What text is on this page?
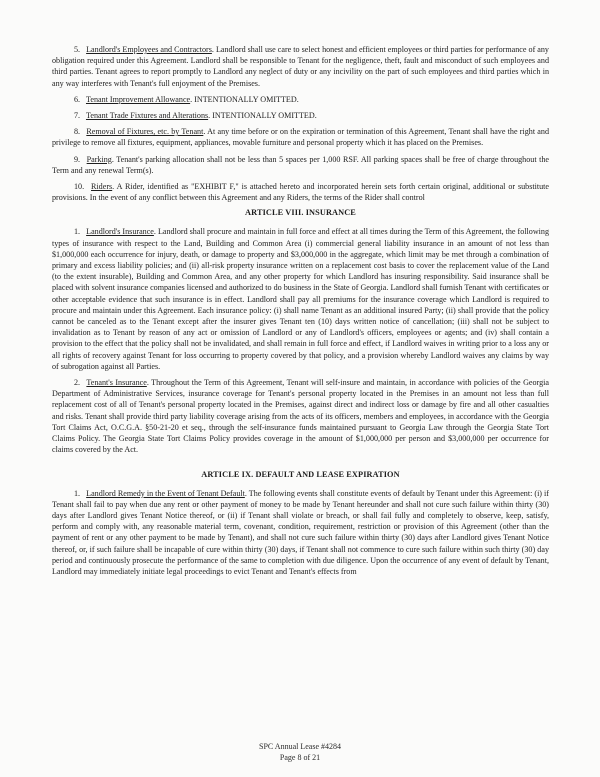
5. Landlord's Employees and Contractors. Landlord shall use care to select honest and efficient employees or third parties for performance of any obligation required under this Agreement. Landlord shall be responsible to Tenant for the negligence, theft, fault and misconduct of such employees and third parties. Tenant agrees to report promptly to Landlord any neglect of duty or any incivility on the part of such employees and third parties which in any way interferes with Tenant's full enjoyment of the Premises.

6. Tenant Improvement Allowance. INTENTIONALLY OMITTED.

7. Tenant Trade Fixtures and Alterations. INTENTIONALLY OMITTED.

8. Removal of Fixtures, etc. by Tenant. At any time before or on the expiration or termination of this Agreement, Tenant shall have the right and privilege to remove all fixtures, equipment, appliances, movable furniture and personal property which it has placed on the Premises.

9. Parking. Tenant's parking allocation shall not be less than 5 spaces per 1,000 RSF. All parking spaces shall be free of charge throughout the Term and any renewal Term(s).

10. Riders. A Rider, identified as "EXHIBIT F," is attached hereto and incorporated herein sets forth certain original, additional or substitute provisions. In the event of any conflict between this Agreement and any Riders, the terms of the Rider shall control

ARTICLE VIII. INSURANCE

1. Landlord's Insurance. Landlord shall procure and maintain in full force and effect at all times during the Term of this Agreement, the following types of insurance with respect to the Land, Building and Common Area (i) commercial general liability insurance in an amount of not less than $1,000,000 each occurrence for injury, death, or damage to property and $3,000,000 in the aggregate, which limit may be met through a combination of primary and excess liability policies; and (ii) all-risk property insurance written on a replacement cost basis to cover the replacement value of the Land (to the extent insurable), Building and Common Area, and any other property for which Landlord has insuring responsibility. Said insurance shall be placed with solvent insurance companies licensed and authorized to do business in the State of Georgia. Landlord shall furnish Tenant with certificates or other acceptable evidence that such insurance is in effect. Landlord shall pay all premiums for the insurance coverage which Landlord is required to procure and maintain under this Agreement. Each insurance policy: (i) shall name Tenant as an additional insured Party; (ii) shall provide that the policy cannot be canceled as to the Tenant except after the insurer gives Tenant ten (10) days written notice of cancellation; (iii) shall not be subject to invalidation as to Tenant by reason of any act or omission of Landlord or any of Landlord's officers, employees or agents; and (iv) shall contain a provision to the effect that the policy shall not be invalidated, and shall remain in full force and effect, if Landlord waives in writing prior to a loss any or all rights of recovery against Tenant for loss occurring to property covered by that policy, and a provision whereby Landlord waives any claims by way of subrogation against all Parties.

2. Tenant's Insurance. Throughout the Term of this Agreement, Tenant will self-insure and maintain, in accordance with policies of the Georgia Department of Administrative Services, insurance coverage for Tenant's personal property located in the Premises in an amount not less than full replacement cost of all of Tenant's personal property located in the Premises, against direct and indirect loss or damage by fire and all other casualties and risks. Tenant shall provide third party liability coverage arising from the acts of its officers, members and employees, in accordance with the Georgia Tort Claims Act, O.C.G.A. §50-21-20 et seq., through the self-insurance funds maintained pursuant to Georgia Law through the Georgia State Tort Claims Policy. The Georgia State Tort Claims Policy provides coverage in the amount of $1,000,000 per person and $3,000,000 per occurrence for claims covered by the Act.

ARTICLE IX. DEFAULT AND LEASE EXPIRATION

1. Landlord Remedy in the Event of Tenant Default. The following events shall constitute events of default by Tenant under this Agreement: (i) if Tenant shall fail to pay when due any rent or other payment of money to be made by Tenant hereunder and shall not cure such failure within thirty (30) days after Landlord gives Tenant Notice thereof, or (ii) if Tenant shall violate or breach, or shall fail fully and completely to observe, keep, satisfy, perform and comply with, any reasonable material term, covenant, condition, requirement, restriction or provision of this Agreement (other than the payment of rent or any other payment to be made by Tenant), and shall not cure such failure within thirty (30) days after Landlord gives Tenant Notice thereof, or, if such failure shall be incapable of cure within thirty (30) days, if Tenant shall not commence to cure such failure within such thirty (30) day period and continuously prosecute the performance of the same to completion with due diligence. Upon the occurrence of any event of default by Tenant, Landlord may immediately initiate legal proceedings to evict Tenant and Tenant's effects from

SPC Annual Lease #4284
Page 8 of 21
